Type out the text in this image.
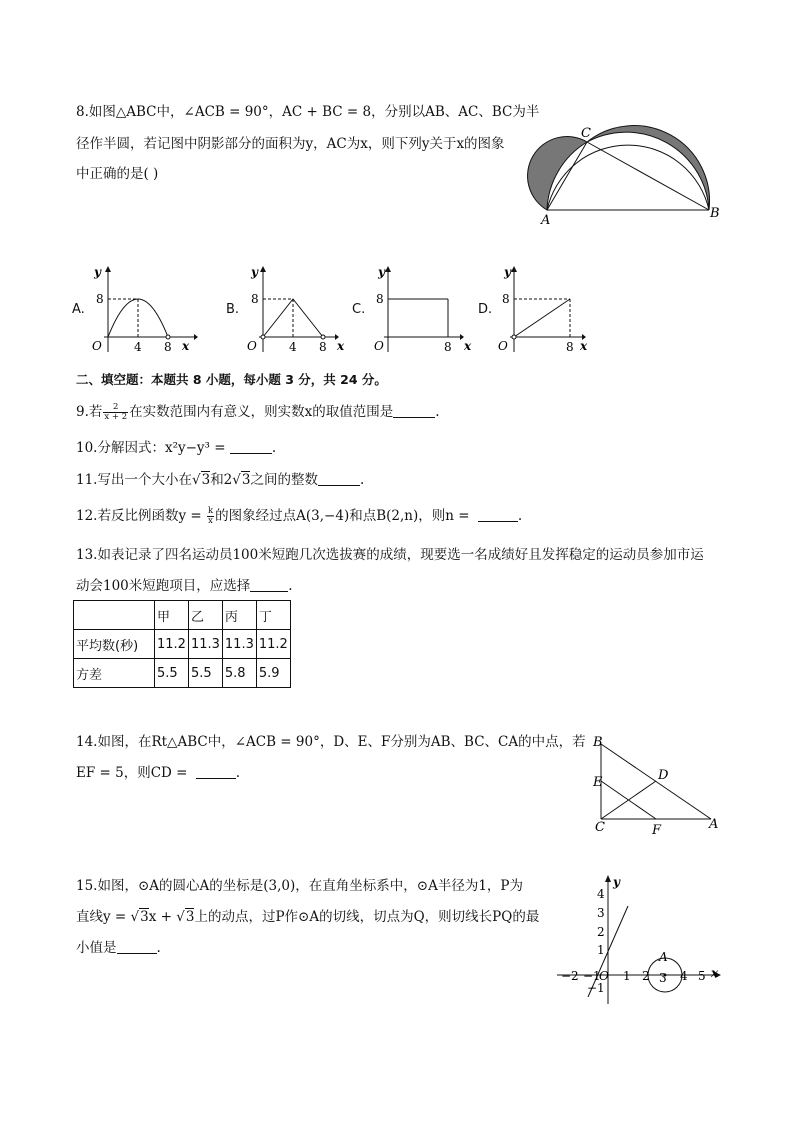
8.如图△ABC中，∠ACB = 90°，AC + BC = 8，分别以AB、AC、BC为半
径作半圆，若记图中阴影部分的面积为y，AC为x，则下列y关于x的图象
中正确的是( )
A	B
C
A.
y
8
O	4 8 x
B.
y
8
O	4 8 x
C.
y
8
O	8 x
D.
y
8
O	8 x
二、填空题：本题共 8 小题，每小题 3 分，共 24 分。
9.若 $\frac{2}{x + 2}$ 在实数范围内有意义，则实数x的取值范围是	.
10.分解因式：x²y−y³ =	.
11.写出一个大小在√3和2√3之间的整数	.
12.若反比例函数$y = \frac{k}{x}$ 的图象经过点A(3,−4)和点B(2,n)，则n =	.
13.如表记录了四名运动员100米短跑几次选拔赛的成绩，现要选一名成绩好且发挥稳定的运动员参加市运
动会100米短跑项目，应选择	.
	甲	乙	丙	丁
平均数(秒)	11.2	11.3	11.3	11.2
方差	5.5	5.5	5.8	5.9
14.如图，在Rt△ABC中，∠ACB = 90°，D、E、F分别为AB、BC、CA的中点，若
EF = 5，则CD =	.
B
E
C	F
D
A
15.如图，⊙A的圆心A的坐标是(3,0)，在直角坐标系中，⊙A半径为1，P为
直线y = √3x + √3上的动点，过P作⊙A的切线，切点为Q，则切线长PQ的最
小值是	.
A
y
x
O
−2 −1 1 2 3 4 5
4
3
2
1
−1
